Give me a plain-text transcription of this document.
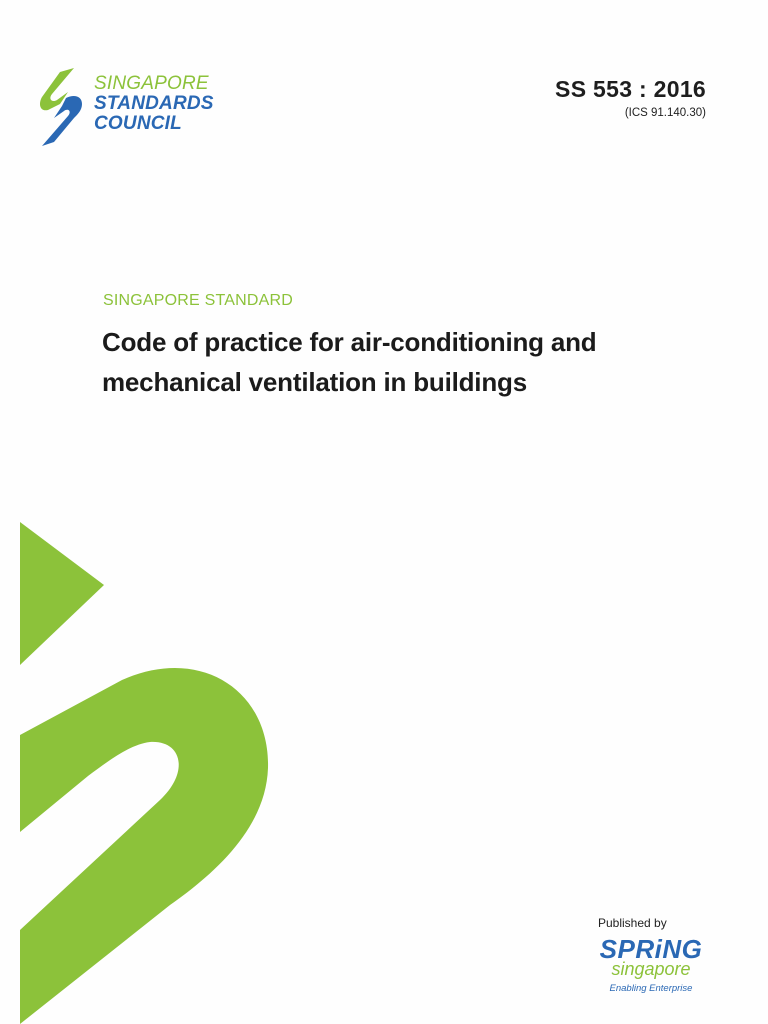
SINGAPORE
STANDARDS
COUNCIL
SS 553 : 2016
(ICS 91.140.30)
SINGAPORE STANDARD
Code of practice for air-conditioning and
mechanical ventilation in buildings
Published by
SPRiNG
singapore
Enabling Enterprise
